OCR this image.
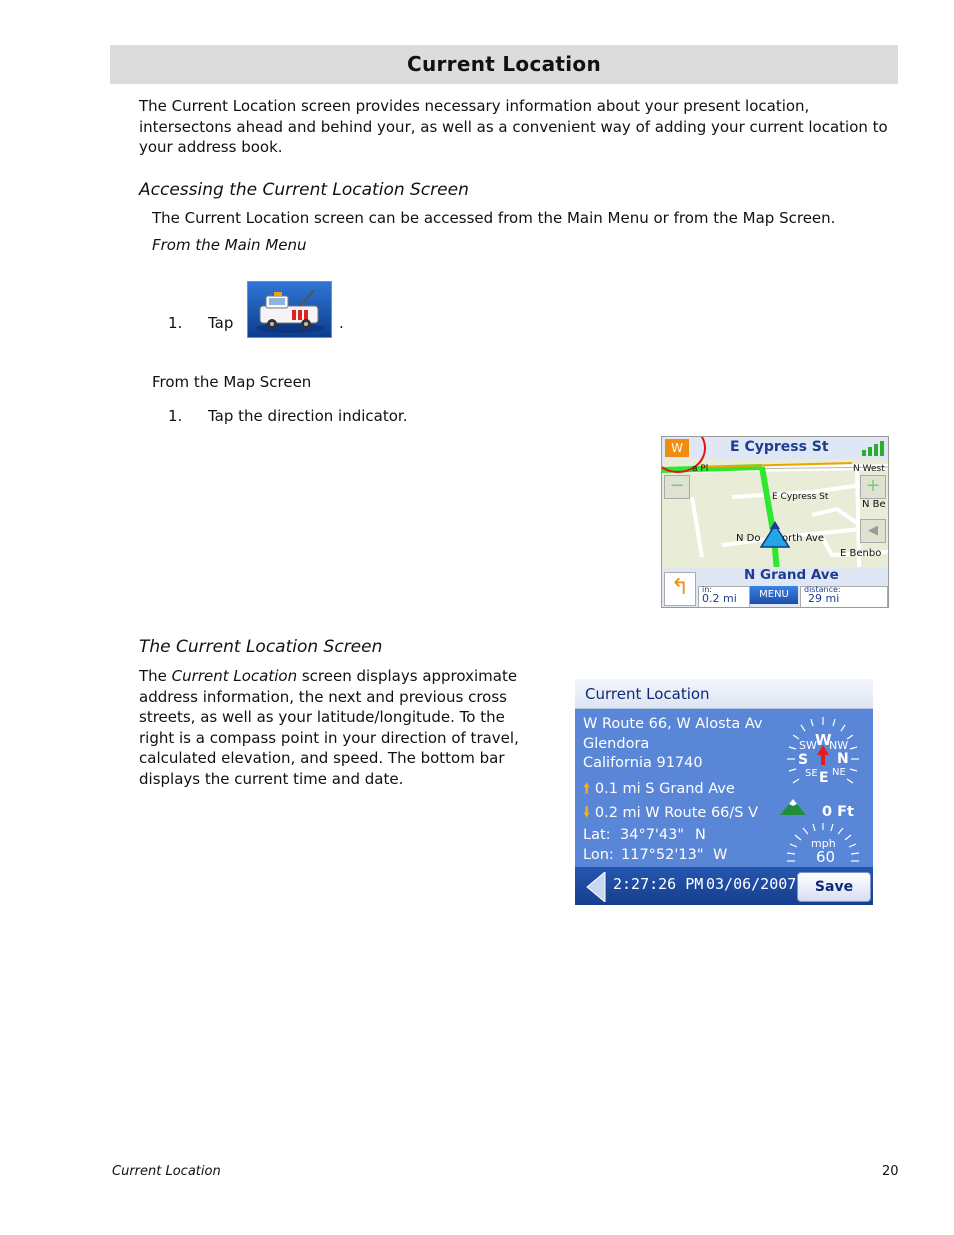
Current Location
The Current Location screen provides necessary information about your present location, intersectons ahead and behind your, as well as a convenient way of adding your current location to your address book.
Accessing the Current Location Screen
The Current Location screen can be accessed from the Main Menu or from the Map Screen.
From the Main Menu
1. Tap	.
From the Map Screen
1. Tap the direction indicator.
W	E Cypress St
−	+
◀
a Pl	N West
E Cypress St
N Be
N Do orth Ave
E Benbo
N Grand Ave
↰	in:
0.2 mi	MENU	distance:
29 mi
The Current Location Screen
The Current Location screen displays approximate address information, the next and previous cross streets, as well as your latitude/longitude. To the right is a compass point in your direction of travel, calculated elevation, and speed. The bottom bar displays the current time and date.
Current Location
W Route 66, W Alosta Av
Glendora
California 91740
🠙 0.1 mi S Grand Ave
🠛 0.2 mi W Route 66/S V
Lat: 34°7'43" N
Lon: 117°52'13" W
SW
W
NW
S N
SE E NE
0 Ft
mph
60
2:27:26 PM 03/06/2007	Save
Current Location	20
